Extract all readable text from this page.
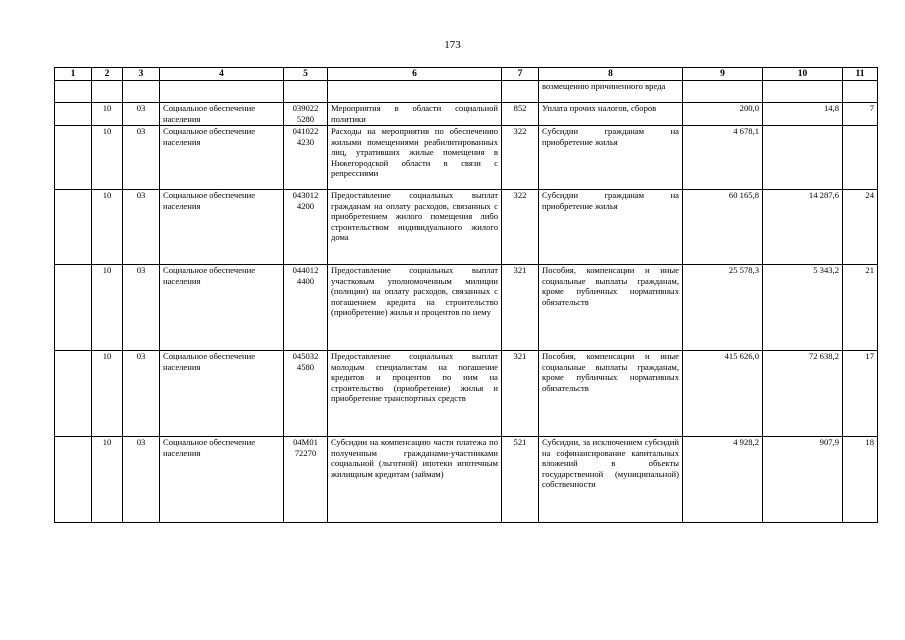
173
1	2	3	4	5	6	7	8	9	10	11
							возмещению причиненного вреда			
	10	03	Социальное обеспечение населения	039022 5280	Мероприятия в области социальной политики	852	Уплата прочих налогов, сборов	200,0	14,8	7
	10	03	Социальное обеспечение населения	041022 4230	Расходы на мероприятия по обеспечению жилыми помещениями реабилитированных лиц, утративших жилые помещения в Нижегородской области в связи с репрессиями	322	Субсидии гражданам на приобретение жилья	4 678,1		
	10	03	Социальное обеспечение населения	043012 4200	Предоставление социальных выплат гражданам на оплату расходов, связанных с приобретением жилого помещения либо строительством индивидуального жилого дома	322	Субсидии гражданам на приобретение жилья	60 165,8	14 287,6	24
	10	03	Социальное обеспечение населения	044012 4400	Предоставление социальных выплат участковым уполномоченным милиции (полиции) на оплату расходов, связанных с погашением кредита на строительство (приобретение) жилья и процентов по нему	321	Пособия, компенсации и иные социальные выплаты гражданам, кроме публичных нормативных обязательств	25 578,3	5 343,2	21
	10	03	Социальное обеспечение населения	045032 4580	Предоставление социальных выплат молодым специалистам на погашение кредитов и процентов по ним на строительство (приобретение) жилья и приобретение транспортных средств	321	Пособия, компенсации и иные социальные выплаты гражданам, кроме публичных нормативных обязательств	415 626,0	72 638,2	17
	10	03	Социальное обеспечение населения	04М01 72270	Субсидии на компенсацию части платежа по полученным гражданами-участниками социальной (льготной) ипотеки ипотечным жилищным кредитам (займам)	521	Субсидии, за исключением субсидий на софинансирование капитальных вложений в объекты государственной (муниципальной) собственности	4 928,2	907,9	18
